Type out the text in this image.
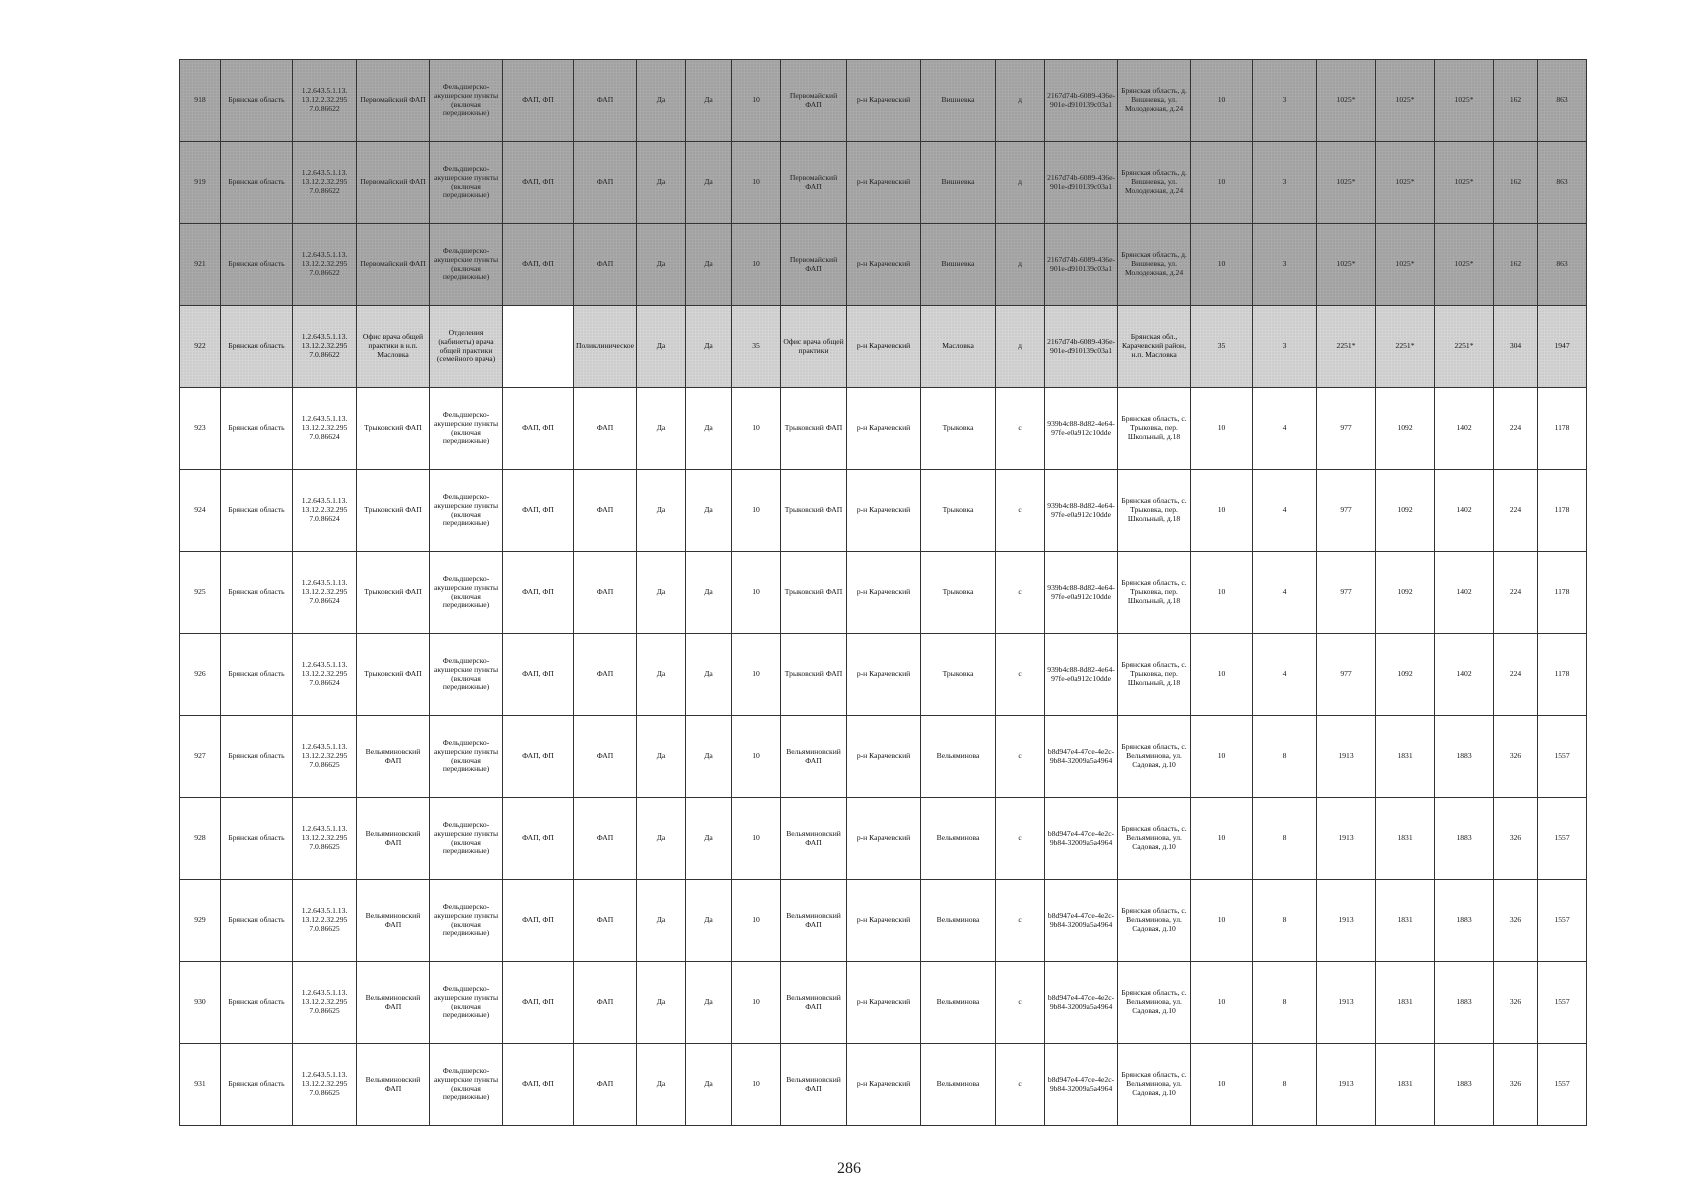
918	Брянская область	1.2.643.5.1.13. 13.12.2.32.295 7.0.86622	Первомайский ФАП	Фельдшерско-акушерские пункты (включая передвижные)	ФАП, ФП	ФАП	Да	Да	10	Первомайский ФАП	р-н Карачевский	Вишневка	д	2167d74b-6089-436e-901e-d910139c03a1	Брянская область, д. Вишневка, ул. Молодежная, д.24	10	3	1025*	1025*	1025*	162	863
919	Брянская область	1.2.643.5.1.13. 13.12.2.32.295 7.0.86622	Первомайский ФАП	Фельдшерско-акушерские пункты (включая передвижные)	ФАП, ФП	ФАП	Да	Да	10	Первомайский ФАП	р-н Карачевский	Вишневка	д	2167d74b-6089-436e-901e-d910139c03a1	Брянская область, д. Вишневка, ул. Молодежная, д.24	10	3	1025*	1025*	1025*	162	863
921	Брянская область	1.2.643.5.1.13. 13.12.2.32.295 7.0.86622	Первомайский ФАП	Фельдшерско-акушерские пункты (включая передвижные)	ФАП, ФП	ФАП	Да	Да	10	Первомайский ФАП	р-н Карачевский	Вишневка	д	2167d74b-6089-436e-901e-d910139c03a1	Брянская область, д. Вишневка, ул. Молодежная, д.24	10	3	1025*	1025*	1025*	162	863
922	Брянская область	1.2.643.5.1.13. 13.12.2.32.295 7.0.86622	Офис врача общей практики в н.п. Масловка	Отделения (кабинеты) врача общей практики (семейного врача)		Поликлиническое	Да	Да	35	Офис врача общей практики	р-н Карачевский	Масловка	д	2167d74b-6089-436e-901e-d910139c03a1	Брянская обл., Карачевский район, н.п. Масловка	35	3	2251*	2251*	2251*	304	1947
923	Брянская область	1.2.643.5.1.13. 13.12.2.32.295 7.0.86624	Трыковский ФАП	Фельдшерско-акушерские пункты (включая передвижные)	ФАП, ФП	ФАП	Да	Да	10	Трыковский ФАП	р-н Карачевский	Трыковка	с	939b4c88-8d82-4e64-97fe-e0a912c10dde	Брянская область, с. Трыковка, пер. Школьный, д.18	10	4	977	1092	1402	224	1178
924	Брянская область	1.2.643.5.1.13. 13.12.2.32.295 7.0.86624	Трыковский ФАП	Фельдшерско-акушерские пункты (включая передвижные)	ФАП, ФП	ФАП	Да	Да	10	Трыковский ФАП	р-н Карачевский	Трыковка	с	939b4c88-8d82-4e64-97fe-e0a912c10dde	Брянская область, с. Трыковка, пер. Школьный, д.18	10	4	977	1092	1402	224	1178
925	Брянская область	1.2.643.5.1.13. 13.12.2.32.295 7.0.86624	Трыковский ФАП	Фельдшерско-акушерские пункты (включая передвижные)	ФАП, ФП	ФАП	Да	Да	10	Трыковский ФАП	р-н Карачевский	Трыковка	с	939b4c88-8d82-4e64-97fe-e0a912c10dde	Брянская область, с. Трыковка, пер. Школьный, д.18	10	4	977	1092	1402	224	1178
926	Брянская область	1.2.643.5.1.13. 13.12.2.32.295 7.0.86624	Трыковский ФАП	Фельдшерско-акушерские пункты (включая передвижные)	ФАП, ФП	ФАП	Да	Да	10	Трыковский ФАП	р-н Карачевский	Трыковка	с	939b4c88-8d82-4e64-97fe-e0a912c10dde	Брянская область, с. Трыковка, пер. Школьный, д.18	10	4	977	1092	1402	224	1178
927	Брянская область	1.2.643.5.1.13. 13.12.2.32.295 7.0.86625	Вельяминовский ФАП	Фельдшерско-акушерские пункты (включая передвижные)	ФАП, ФП	ФАП	Да	Да	10	Вельяминовский ФАП	р-н Карачевский	Вельяминова	с	b8d947e4-47ce-4e2c-9b84-32009a5a4964	Брянская область, с. Вельяминова, ул. Садовая, д.10	10	8	1913	1831	1883	326	1557
928	Брянская область	1.2.643.5.1.13. 13.12.2.32.295 7.0.86625	Вельяминовский ФАП	Фельдшерско-акушерские пункты (включая передвижные)	ФАП, ФП	ФАП	Да	Да	10	Вельяминовский ФАП	р-н Карачевский	Вельяминова	с	b8d947e4-47ce-4e2c-9b84-32009a5a4964	Брянская область, с. Вельяминова, ул. Садовая, д.10	10	8	1913	1831	1883	326	1557
929	Брянская область	1.2.643.5.1.13. 13.12.2.32.295 7.0.86625	Вельяминовский ФАП	Фельдшерско-акушерские пункты (включая передвижные)	ФАП, ФП	ФАП	Да	Да	10	Вельяминовский ФАП	р-н Карачевский	Вельяминова	с	b8d947e4-47ce-4e2c-9b84-32009a5a4964	Брянская область, с. Вельяминова, ул. Садовая, д.10	10	8	1913	1831	1883	326	1557
930	Брянская область	1.2.643.5.1.13. 13.12.2.32.295 7.0.86625	Вельяминовский ФАП	Фельдшерско-акушерские пункты (включая передвижные)	ФАП, ФП	ФАП	Да	Да	10	Вельяминовский ФАП	р-н Карачевский	Вельяминова	с	b8d947e4-47ce-4e2c-9b84-32009a5a4964	Брянская область, с. Вельяминова, ул. Садовая, д.10	10	8	1913	1831	1883	326	1557
931	Брянская область	1.2.643.5.1.13. 13.12.2.32.295 7.0.86625	Вельяминовский ФАП	Фельдшерско-акушерские пункты (включая передвижные)	ФАП, ФП	ФАП	Да	Да	10	Вельяминовский ФАП	р-н Карачевский	Вельяминова	с	b8d947e4-47ce-4e2c-9b84-32009a5a4964	Брянская область, с. Вельяминова, ул. Садовая, д.10	10	8	1913	1831	1883	326	1557
286
